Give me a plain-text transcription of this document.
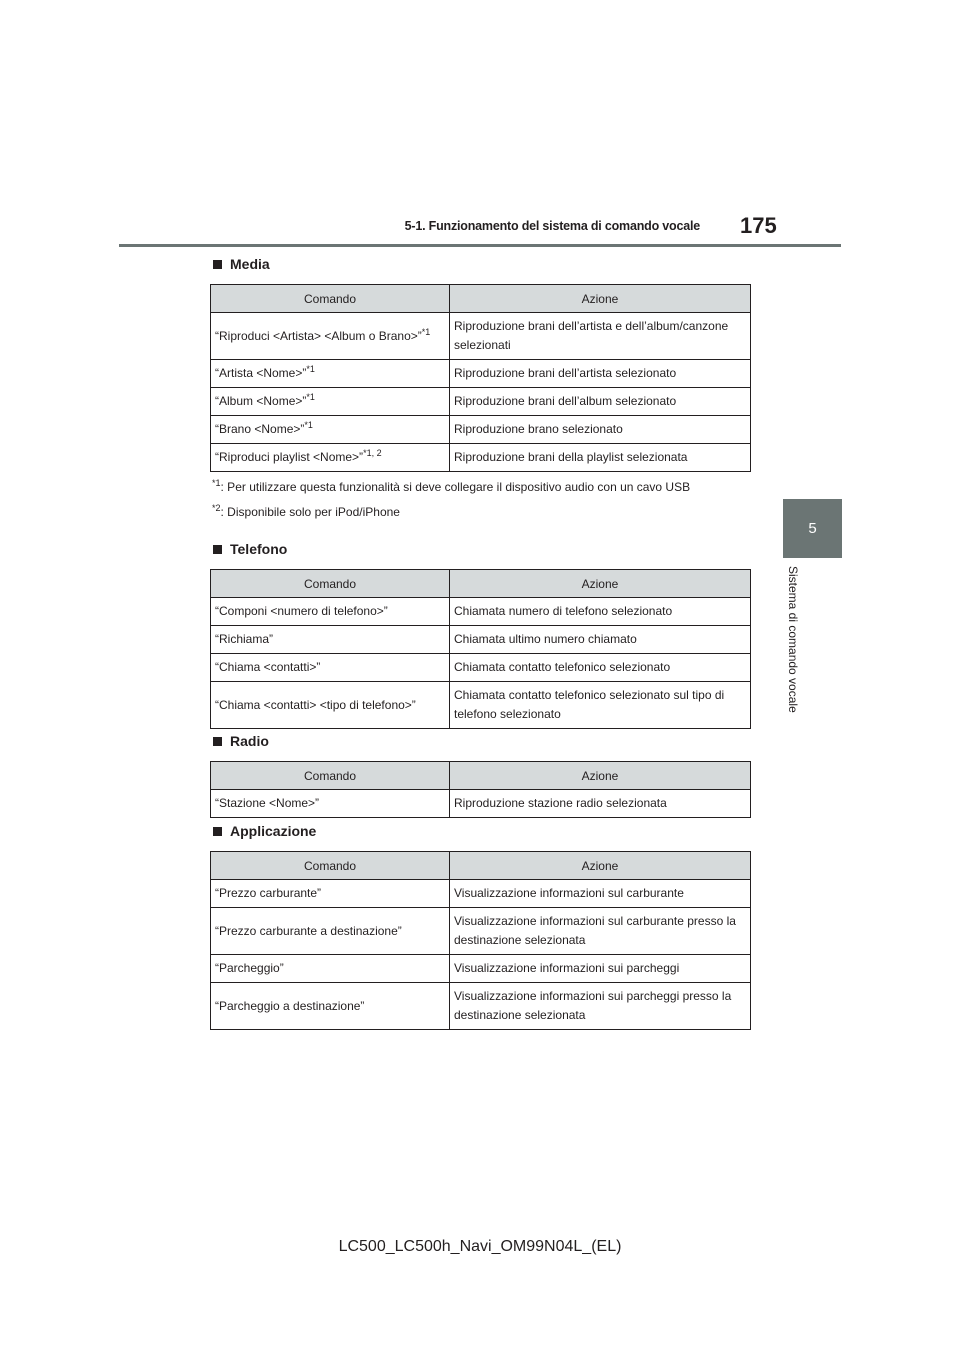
5-1. Funzionamento del sistema di comando vocale 175
5
Sistema di comando vocale
Media
Comando	Azione
“Riproduci <Artista> <Album o Brano>”$^{*1}$	Riproduzione brani dell’artista e dell’album/canzone selezionati
“Artista <Nome>”$^{*1}$	Riproduzione brani dell’artista selezionato
“Album <Nome>”$^{*1}$	Riproduzione brani dell’album selezionato
“Brano <Nome>”$^{*1}$	Riproduzione brano selezionato
“Riproduci playlist <Nome>”$^{*1, 2}$	Riproduzione brani della playlist selezionata
$^{*1}$: Per utilizzare questa funzionalità si deve collegare il dispositivo audio con un cavo USB
$^{*2}$: Disponibile solo per iPod/iPhone
Telefono
Comando	Azione
“Componi <numero di telefono>”	Chiamata numero di telefono selezionato
“Richiama”	Chiamata ultimo numero chiamato
“Chiama <contatti>”	Chiamata contatto telefonico selezionato
“Chiama <contatti> <tipo di telefono>”	Chiamata contatto telefonico selezionato sul tipo di telefono selezionato
Radio
Comando	Azione
“Stazione <Nome>”	Riproduzione stazione radio selezionata
Applicazione
Comando	Azione
“Prezzo carburante”	Visualizzazione informazioni sul carburante
“Prezzo carburante a destinazione”	Visualizzazione informazioni sul carburante presso la destinazione selezionata
“Parcheggio”	Visualizzazione informazioni sui parcheggi
“Parcheggio a destinazione”	Visualizzazione informazioni sui parcheggi presso la destinazione selezionata
LC500_LC500h_Navi_OM99N04L_(EL)
